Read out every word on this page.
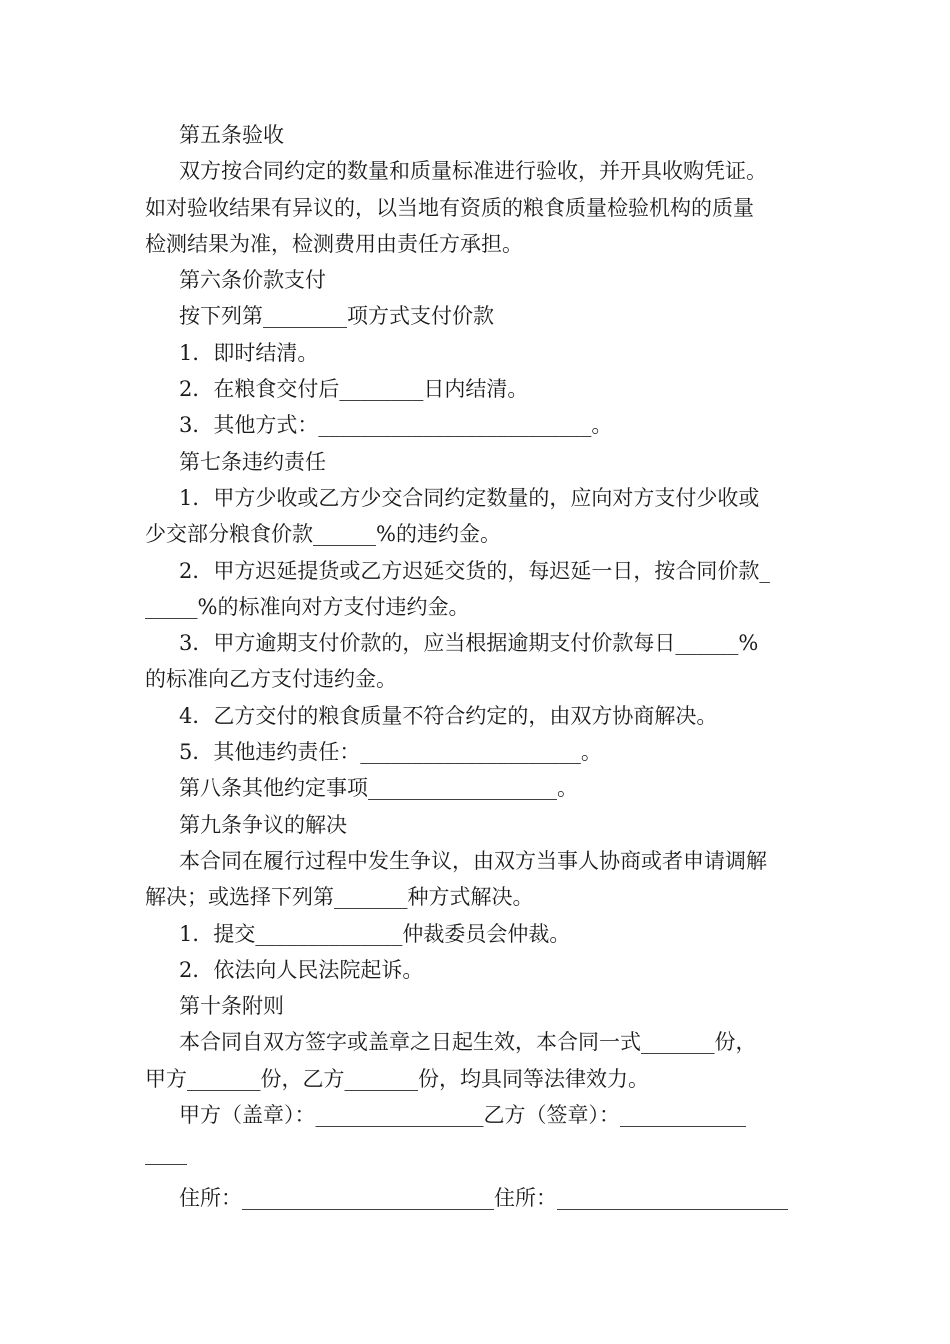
第五条验收
双方按合同约定的数量和质量标准进行验收，并开具收购凭证。
如对验收结果有异议的，以当地有资质的粮食质量检验机构的质量
检测结果为准，检测费用由责任方承担。
第六条价款支付
按下列第________项方式支付价款
1．即时结清。
2．在粮食交付后________日内结清。
3．其他方式：__________________________。
第七条违约责任
1．甲方少收或乙方少交合同约定数量的，应向对方支付少收或
少交部分粮食价款______%的违约金。
2．甲方迟延提货或乙方迟延交货的，每迟延一日，按合同价款_
_____%的标准向对方支付违约金。
3．甲方逾期支付价款的，应当根据逾期支付价款每日______%
的标准向乙方支付违约金。
4．乙方交付的粮食质量不符合约定的，由双方协商解决。
5．其他违约责任：_____________________。
第八条其他约定事项__________________。
第九条争议的解决
本合同在履行过程中发生争议，由双方当事人协商或者申请调解
解决；或选择下列第_______种方式解决。
1．提交______________仲裁委员会仲裁。
2．依法向人民法院起诉。
第十条附则
本合同自双方签字或盖章之日起生效，本合同一式_______份，
甲方_______份，乙方_______份，均具同等法律效力。
甲方（盖章）：________________乙方（签章）：____________
____
住所：________________________住所：______________________
